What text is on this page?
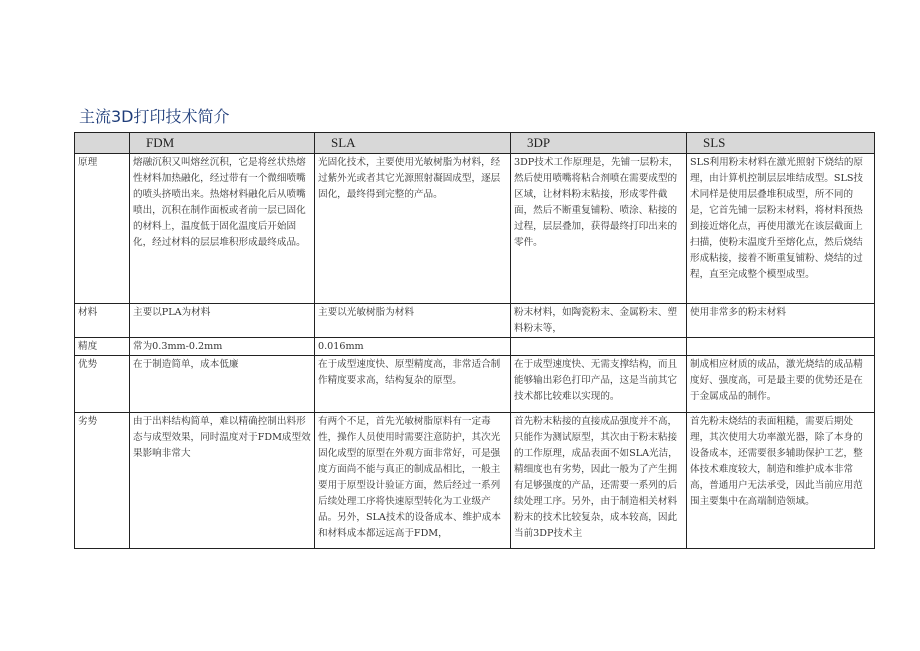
主流3D打印技术简介
	FDM	SLA	3DP	SLS
原理	熔融沉积又叫熔丝沉积，它是将丝状热熔性材料加热融化，经过带有一个微细喷嘴的喷头挤喷出来。热熔材料融化后从喷嘴喷出，沉积在制作面板或者前一层已固化的材料上，温度低于固化温度后开始固化，经过材料的层层堆积形成最终成品。	光固化技术，主要使用光敏树脂为材料，经过紫外光或者其它光源照射凝固成型，逐层固化，最终得到完整的产品。	3DP技术工作原理是，先铺一层粉末，然后使用喷嘴将粘合剂喷在需要成型的区域，让材料粉末粘接，形成零件截面，然后不断重复铺粉、喷涂、粘接的过程，层层叠加，获得最终打印出来的零件。	SLS利用粉末材料在激光照射下烧结的原理，由计算机控制层层堆结成型。SLS技术同样是使用层叠堆积成型，所不同的是，它首先铺一层粉末材料，将材料预热到接近熔化点，再使用激光在该层截面上扫描，使粉末温度升至熔化点，然后烧结形成粘接，接着不断重复铺粉、烧结的过程，直至完成整个模型成型。
材料	主要以PLA为材料	主要以光敏树脂为材料	粉末材料，如陶瓷粉末、金属粉末、塑料粉末等，	使用非常多的粉末材料
精度	常为0.3mm-0.2mm	0.016mm		
优势	在于制造简单，成本低廉	在于成型速度快、原型精度高，非常适合制作精度要求高，结构复杂的原型。	在于成型速度快、无需支撑结构，而且能够输出彩色打印产品，这是当前其它技术都比较难以实现的。	制成相应材质的成品，激光烧结的成品精度好、强度高，可是最主要的优势还是在于金属成品的制作。
劣势	由于出料结构简单，难以精确控制出料形态与成型效果，同时温度对于FDM成型效果影响非常大	有两个不足，首先光敏树脂原料有一定毒性，操作人员使用时需要注意防护，其次光固化成型的原型在外观方面非常好，可是强度方面尚不能与真正的制成品相比，一般主要用于原型设计验证方面，然后经过一系列后续处理工序将快速原型转化为工业级产品。另外，SLA技术的设备成本、维护成本和材料成本都远远高于FDM，	首先粉末粘接的直接成品强度并不高，只能作为测试原型，其次由于粉末粘接的工作原理，成品表面不如SLA光洁，精细度也有劣势，因此一般为了产生拥有足够强度的产品，还需要一系列的后续处理工序。另外，由于制造相关材料粉末的技术比较复杂，成本较高，因此当前3DP技术主	首先粉末烧结的表面粗糙，需要后期处理，其次使用大功率激光器，除了本身的设备成本，还需要很多辅助保护工艺，整体技术难度较大，制造和维护成本非常高，普通用户无法承受，因此当前应用范围主要集中在高端制造领域。
